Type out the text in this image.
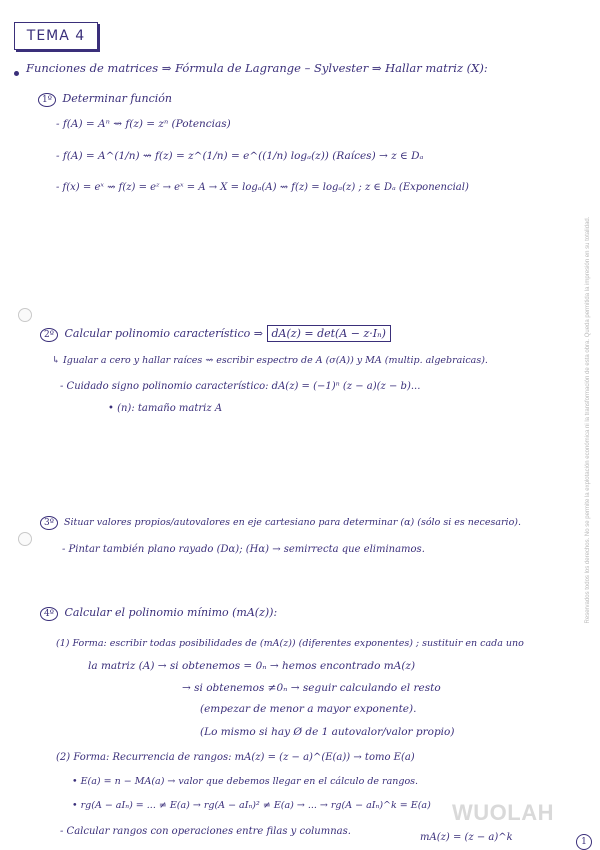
TEMA 4
Funciones de matrices ⇒ Fórmula de Lagrange – Sylvester ⇒ Hallar matriz (X):
1º Determinar función
- f(A) = Aⁿ ⇝ f(z) = zⁿ (Potencias)
- f(A) = A^(1/n) ⇝ f(z) = z^(1/n) = e^((1/n) logₐ(z)) (Raíces) → z ∈ Dₐ
- f(x) = eˣ ⇝ f(z) = eᶻ → eˣ = A → X = logₐ(A) ⇝ f(z) = logₐ(z) ; z ∈ Dₐ (Exponencial)
2º Calcular polinomio característico ⇒ dA(z) = det(A − z·Iₙ)
↳ Igualar a cero y hallar raíces ⇝ escribir espectro de A (σ(A)) y MA (multip. algebraicas).
- Cuidado signo polinomio característico: dA(z) = (−1)ⁿ (z − a)(z − b)...
• (n): tamaño matriz A
3º Situar valores propios/autovalores en eje cartesiano para determinar (α) (sólo si es necesario).
- Pintar también plano rayado (Dα); (Hα) → semirrecta que eliminamos.
4º Calcular el polinomio mínimo (mA(z)):
(1) Forma: escribir todas posibilidades de (mA(z)) (diferentes exponentes) ; sustituir en cada uno
la matriz (A) → si obtenemos = 0ₙ → hemos encontrado mA(z)
→ si obtenemos ≠0ₙ → seguir calculando el resto
(empezar de menor a mayor exponente).
(Lo mismo si hay Ø de 1 autovalor/valor propio)
(2) Forma: Recurrencia de rangos: mA(z) = (z − a)^(E(a)) → tomo E(a)
• E(a) = n − MA(a) → valor que debemos llegar en el cálculo de rangos.
• rg(A − aIₙ) = ... ≠ E(a) → rg(A − aIₙ)² ≠ E(a) → ... → rg(A − aIₙ)^k = E(a)
- Calcular rangos con operaciones entre filas y columnas.
mA(z) = (z − a)^k
Reservados todos los derechos. No se permite la explotación económica ni la transformación de esta obra. Queda permitida la impresión en su totalidad.
WUOLAH
1
